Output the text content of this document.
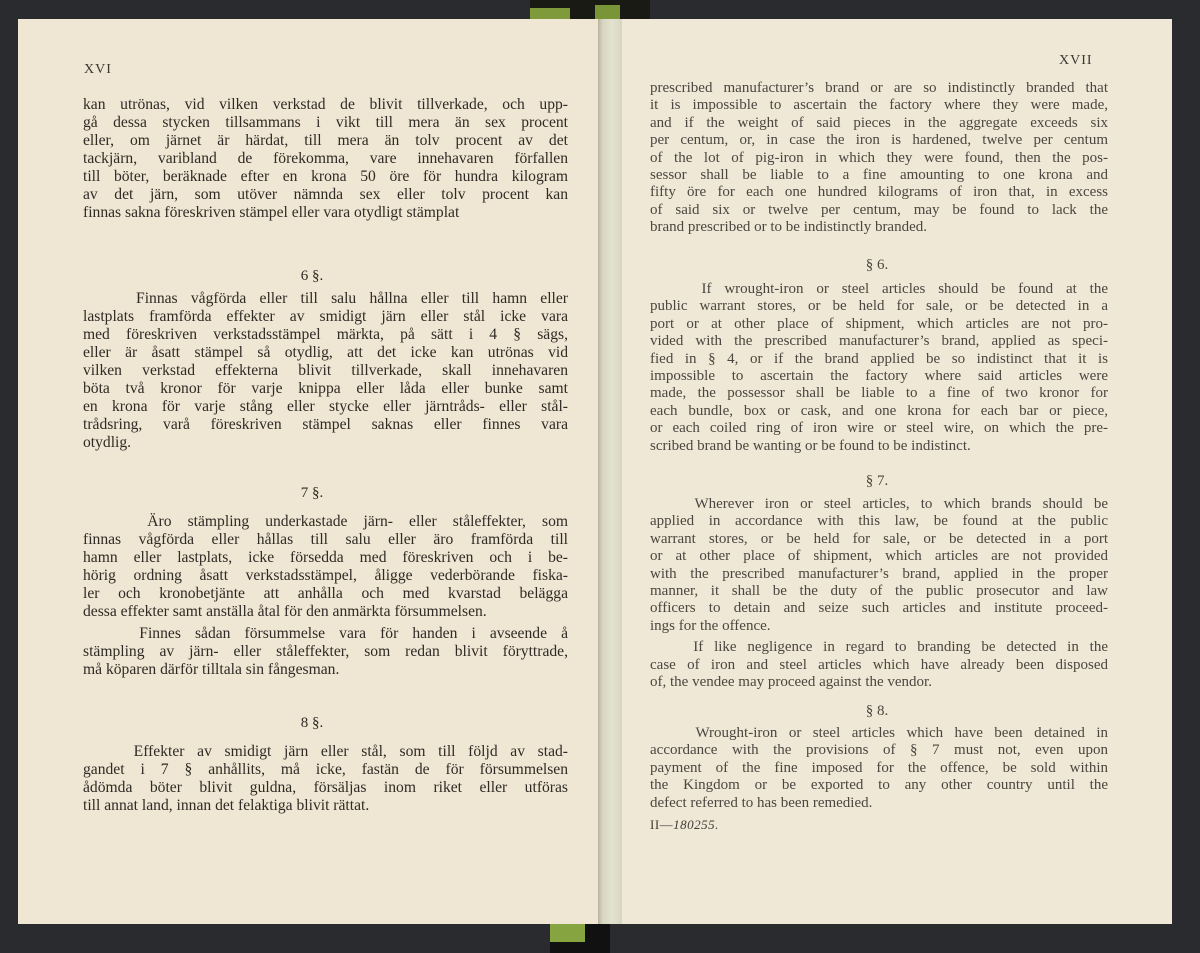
XVI
kan utrönas, vid vilken verkstad de blivit tillverkade, och upp-
gå dessa stycken tillsammans i vikt till mera än sex procent
eller, om järnet är härdat, till mera än tolv procent av det
tackjärn, varibland de förekomma, vare innehavaren förfallen
till böter, beräknade efter en krona 50 öre för hundra kilogram
av det järn, som utöver nämnda sex eller tolv procent kan
finnas sakna föreskriven stämpel eller vara otydligt stämplat
6 §.
Finnas vågförda eller till salu hållna eller till hamn eller
lastplats framförda effekter av smidigt järn eller stål icke vara
med föreskriven verkstadsstämpel märkta, på sätt i 4 § sägs,
eller är åsatt stämpel så otydlig, att det icke kan utrönas vid
vilken verkstad effekterna blivit tillverkade, skall innehavaren
böta två kronor för varje knippa eller låda eller bunke samt
en krona för varje stång eller stycke eller järntråds- eller stål-
trådsring, varå föreskriven stämpel saknas eller finnes vara
otydlig.
7 §.
Äro stämpling underkastade järn- eller ståleffekter, som
finnas vågförda eller hållas till salu eller äro framförda till
hamn eller lastplats, icke försedda med föreskriven och i be-
hörig ordning åsatt verkstadsstämpel, åligge vederbörande fiska-
ler och kronobetjänte att anhålla och med kvarstad belägga
dessa effekter samt anställa åtal för den anmärkta försummelsen.
Finnes sådan försummelse vara för handen i avseende å
stämpling av järn- eller ståleffekter, som redan blivit föryttrade,
må köparen därför tilltala sin fångesman.
8 §.
Effekter av smidigt järn eller stål, som till följd av stad-
gandet i 7 § anhållits, må icke, fastän de för försummelsen
ådömda böter blivit guldna, försäljas inom riket eller utföras
till annat land, innan det felaktiga blivit rättat.
XVII
II—180255.
prescribed manufacturer’s brand or are so indistinctly branded that
it is impossible to ascertain the factory where they were made,
and if the weight of said pieces in the aggregate exceeds six
per centum, or, in case the iron is hardened, twelve per centum
of the lot of pig-iron in which they were found, then the pos-
sessor shall be liable to a fine amounting to one krona and
fifty öre for each one hundred kilograms of iron that, in excess
of said six or twelve per centum, may be found to lack the
brand prescribed or to be indistinctly branded.
§ 6.
If wrought-iron or steel articles should be found at the
public warrant stores, or be held for sale, or be detected in a
port or at other place of shipment, which articles are not pro-
vided with the prescribed manufacturer’s brand, applied as speci-
fied in § 4, or if the brand applied be so indistinct that it is
impossible to ascertain the factory where said articles were
made, the possessor shall be liable to a fine of two kronor for
each bundle, box or cask, and one krona for each bar or piece,
or each coiled ring of iron wire or steel wire, on which the pre-
scribed brand be wanting or be found to be indistinct.
§ 7.
Wherever iron or steel articles, to which brands should be
applied in accordance with this law, be found at the public
warrant stores, or be held for sale, or be detected in a port
or at other place of shipment, which articles are not provided
with the prescribed manufacturer’s brand, applied in the proper
manner, it shall be the duty of the public prosecutor and law
officers to detain and seize such articles and institute proceed-
ings for the offence.
If like negligence in regard to branding be detected in the
case of iron and steel articles which have already been disposed
of, the vendee may proceed against the vendor.
§ 8.
Wrought-iron or steel articles which have been detained in
accordance with the provisions of § 7 must not, even upon
payment of the fine imposed for the offence, be sold within
the Kingdom or be exported to any other country until the
defect referred to has been remedied.
